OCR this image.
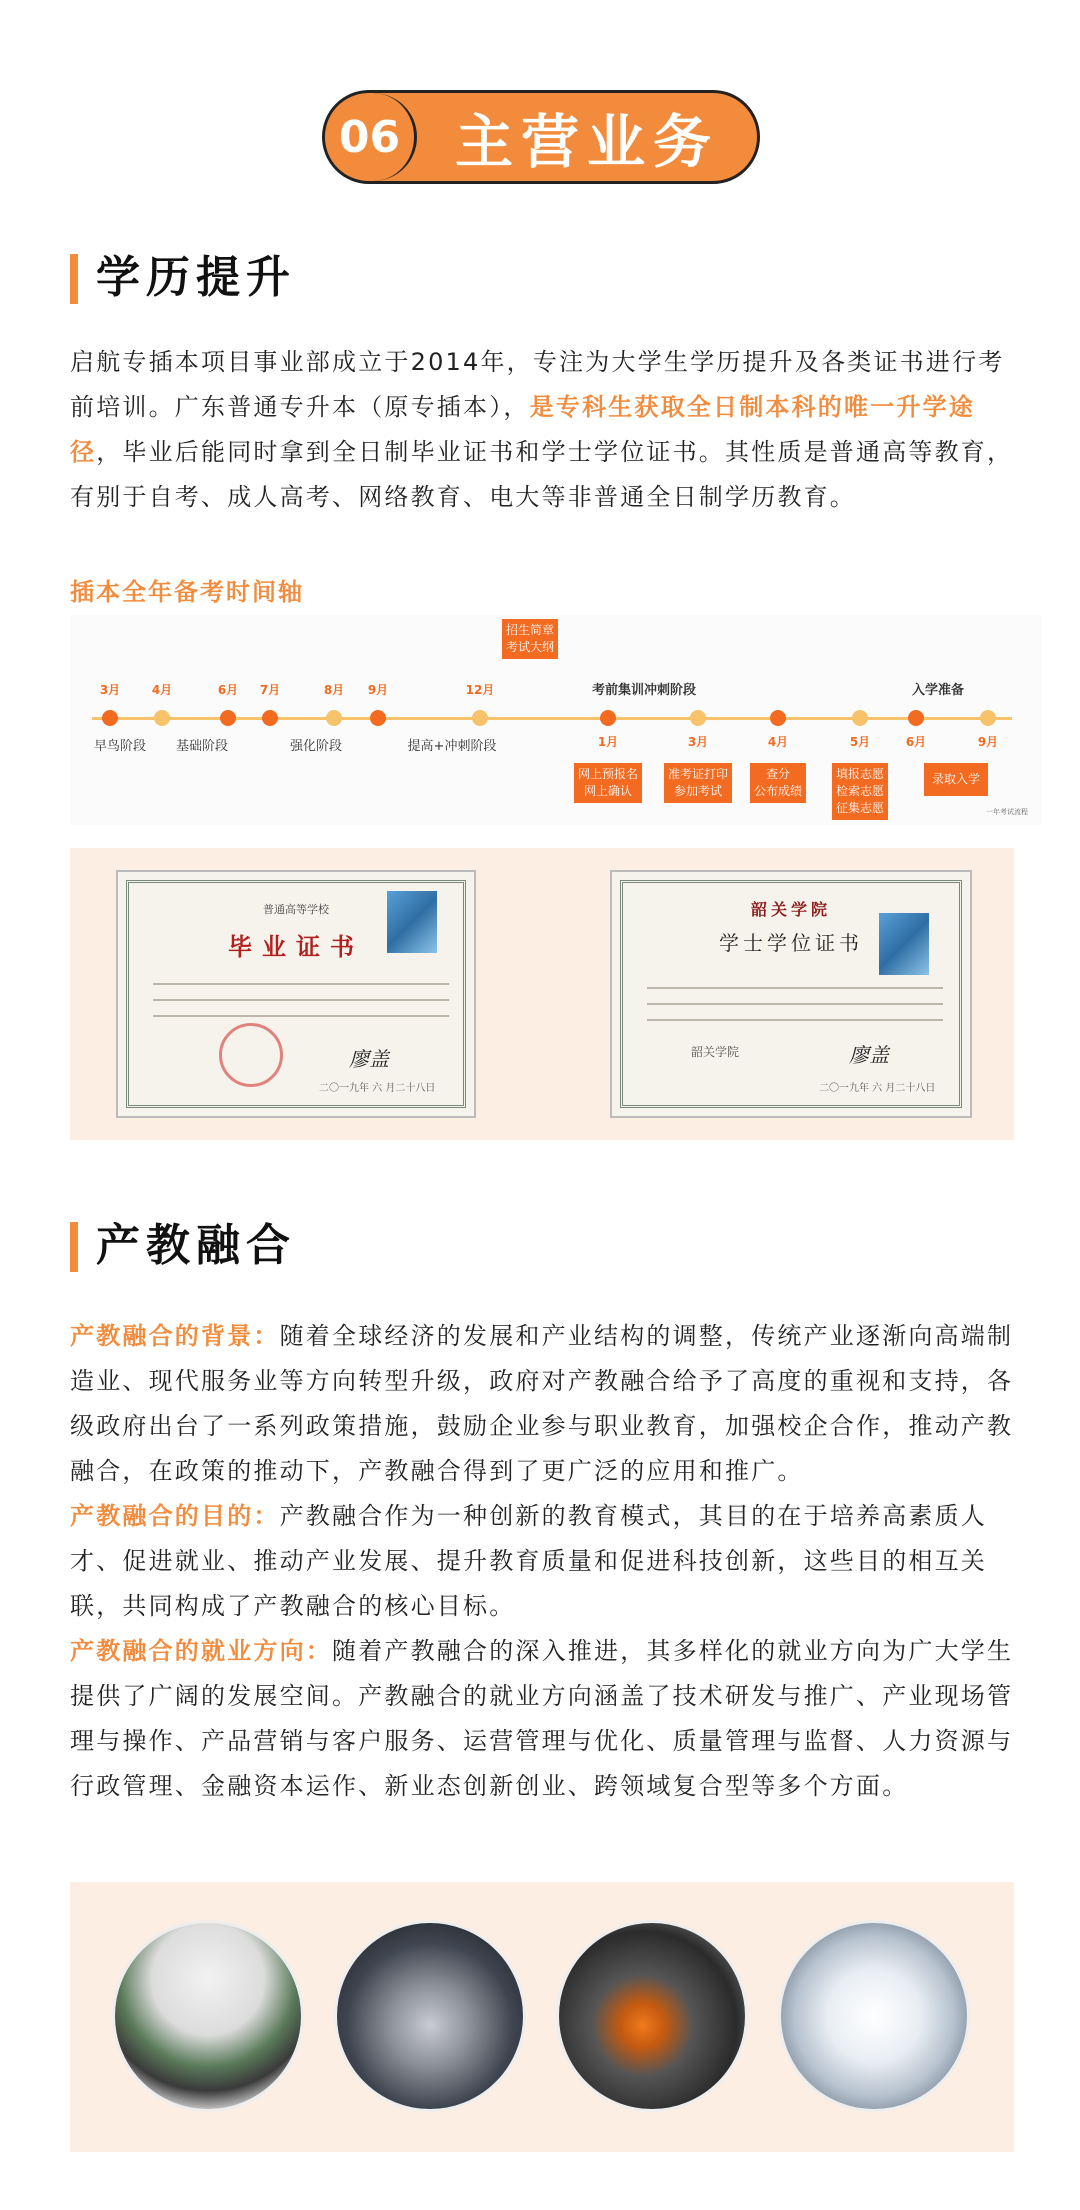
06 主营业务
学历提升
启航专插本项目事业部成立于2014年，专注为大学生学历提升及各类证书进行考前培训。广东普通专升本（原专插本），是专科生获取全日制本科的唯一升学途径，毕业后能同时拿到全日制毕业证书和学士学位证书。其性质是普通高等教育，有别于自考、成人高考、网络教育、电大等非普通全日制学历教育。
插本全年备考时间轴
3月	4月	6月 7月	8月 9月	12月
招生简章
考试大纲
早鸟阶段 基础阶段	强化阶段	提高+冲刺阶段
考前集训冲刺阶段	入学准备
1月	3月	4月	5月	6月	9月
网上预报名
网上确认
准考证打印
参加考试
查分
公布成绩
填报志愿
检索志愿
征集志愿
录取入学
一年考试流程
普通高等学校
毕业证书
廖盖
二〇一九年 六 月二十八日
韶关学院
学士学位证书
韶关学院	廖盖
二〇一九年 六 月二十八日
产教融合
产教融合的背景：随着全球经济的发展和产业结构的调整，传统产业逐渐向高端制造业、现代服务业等方向转型升级，政府对产教融合给予了高度的重视和支持，各级政府出台了一系列政策措施，鼓励企业参与职业教育，加强校企合作，推动产教融合，在政策的推动下，产教融合得到了更广泛的应用和推广。
产教融合的目的：产教融合作为一种创新的教育模式，其目的在于培养高素质人才、促进就业、推动产业发展、提升教育质量和促进科技创新，这些目的相互关联，共同构成了产教融合的核心目标。
产教融合的就业方向：随着产教融合的深入推进，其多样化的就业方向为广大学生提供了广阔的发展空间。产教融合的就业方向涵盖了技术研发与推广、产业现场管理与操作、产品营销与客户服务、运营管理与优化、质量管理与监督、人力资源与行政管理、金融资本运作、新业态创新创业、跨领域复合型等多个方面。
